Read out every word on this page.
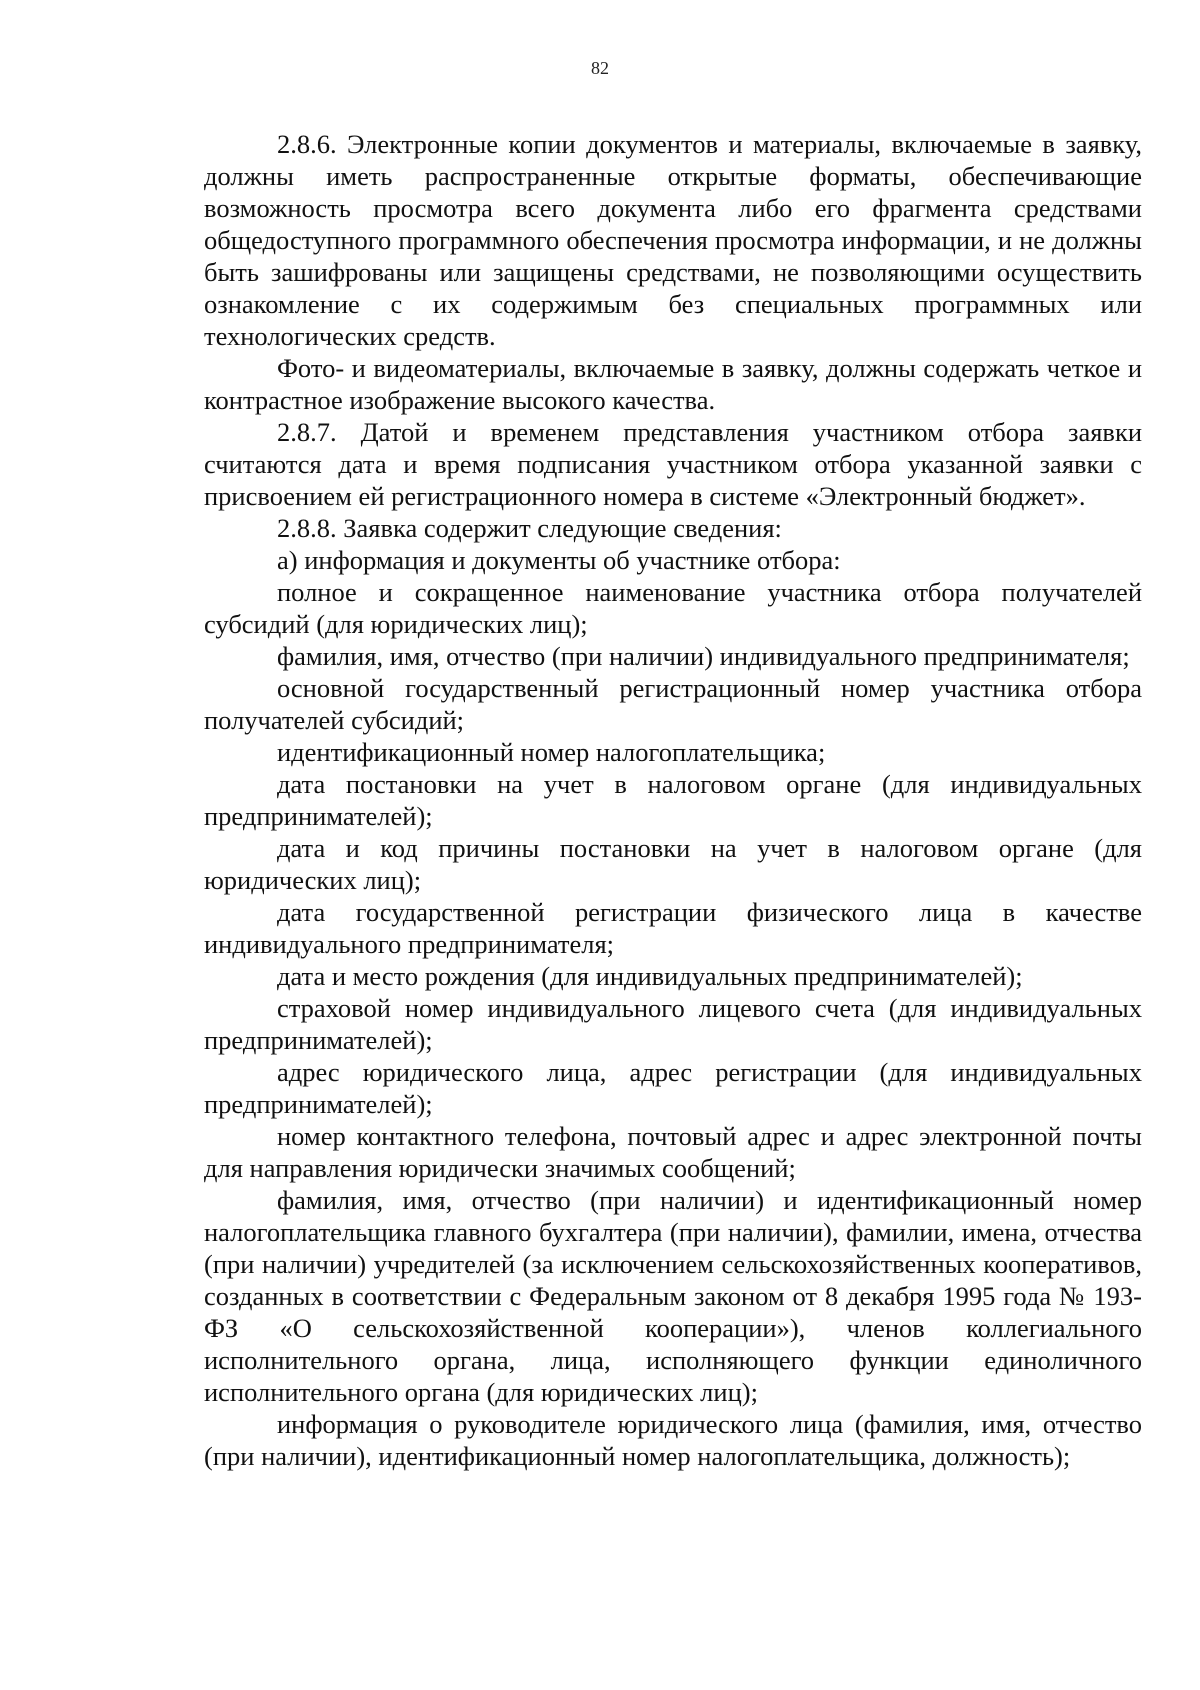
82

2.8.6. Электронные копии документов и материалы, включаемые в заявку, должны иметь распространенные открытые форматы, обеспечивающие возможность просмотра всего документа либо его фрагмента средствами общедоступного программного обеспечения просмотра информации, и не должны быть зашифрованы или защищены средствами, не позволяющими осуществить ознакомление с их содержимым без специальных программных или технологических средств.

Фото- и видеоматериалы, включаемые в заявку, должны содержать четкое и контрастное изображение высокого качества.

2.8.7. Датой и временем представления участником отбора заявки считаются дата и время подписания участником отбора указанной заявки с присвоением ей регистрационного номера в системе «Электронный бюджет».

2.8.8. Заявка содержит следующие сведения:

а) информация и документы об участнике отбора:

полное и сокращенное наименование участника отбора получателей субсидий (для юридических лиц);

фамилия, имя, отчество (при наличии) индивидуального предпринимателя;

основной государственный регистрационный номер участника отбора получателей субсидий;

идентификационный номер налогоплательщика;

дата постановки на учет в налоговом органе (для индивидуальных предпринимателей);

дата и код причины постановки на учет в налоговом органе (для юридических лиц);

дата государственной регистрации физического лица в качестве индивидуального предпринимателя;

дата и место рождения (для индивидуальных предпринимателей);

страховой номер индивидуального лицевого счета (для индивидуальных предпринимателей);

адрес юридического лица, адрес регистрации (для индивидуальных предпринимателей);

номер контактного телефона, почтовый адрес и адрес электронной почты для направления юридически значимых сообщений;

фамилия, имя, отчество (при наличии) и идентификационный номер налогоплательщика главного бухгалтера (при наличии), фамилии, имена, отчества (при наличии) учредителей (за исключением сельскохозяйственных кооперативов, созданных в соответствии с Федеральным законом от 8 декабря 1995 года № 193-ФЗ «О сельскохозяйственной кооперации»), членов коллегиального исполнительного органа, лица, исполняющего функции единоличного исполнительного органа (для юридических лиц);

информация о руководителе юридического лица (фамилия, имя, отчество (при наличии), идентификационный номер налогоплательщика, должность);
